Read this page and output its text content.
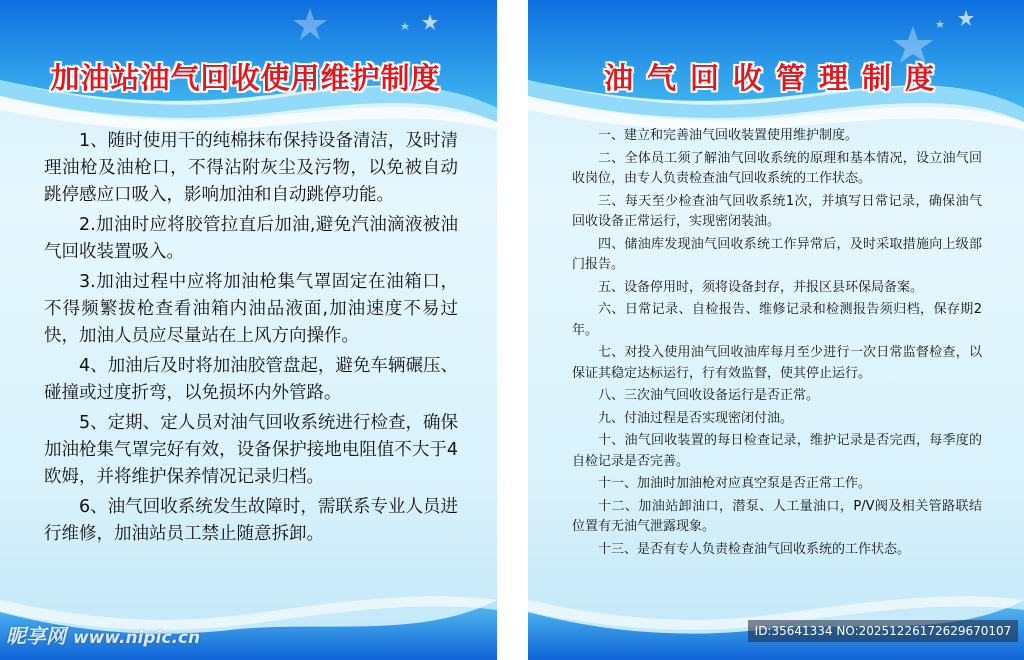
加油站油气回收使用维护制度

1、随时使用干的纯棉抹布保持设备清洁，及时清理油枪及油枪口，不得沾附灰尘及污物，以免被自动跳停感应口吸入，影响加油和自动跳停功能。

2.加油时应将胶管拉直后加油,避免汽油滴液被油气回收装置吸入。

3.加油过程中应将加油枪集气罩固定在油箱口，不得频繁拔枪查看油箱内油品液面,加油速度不易过快，加油人员应尽量站在上风方向操作。

4、加油后及时将加油胶管盘起，避免车辆碾压、碰撞或过度折弯，以免损坏内外管路。

5、定期、定人员对油气回收系统进行检查，确保加油枪集气罩完好有效，设备保护接地电阻值不大于4欧姆，并将维护保养情况记录归档。

6、油气回收系统发生故障时，需联系专业人员进行维修，加油站员工禁止随意拆卸。

油气回收管理制度

一、建立和完善油气回收装置使用维护制度。

二、全体员工须了解油气回收系统的原理和基本情况，设立油气回收岗位，由专人负责检查油气回收系统的工作状态。

三、每天至少检查油气回收系统1次，并填写日常记录，确保油气回收设备正常运行，实现密闭装油。

四、储油库发现油气回收系统工作异常后，及时采取措施向上级部门报告。

五、设备停用时，须将设备封存，并报区县环保局备案。

六、日常记录、自检报告、维修记录和检测报告须归档，保存期2年。

七、对投入使用油气回收油库每月至少进行一次日常监督检查，以保证其稳定达标运行，行有效监督，使其停止运行。

八、三次油气回收设备运行是否正常。

九、付油过程是否实现密闭付油。

十、油气回收装置的每日检查记录，维护记录是否完西，每季度的自检记录是否完善。

十一、加油时加油枪对应真空泵是否正常工作。

十二、加油站卸油口，潜泵、人工量油口，P/V阀及相关管路联结位置有无油气泄露现象。

十三、是否有专人负责检查油气回收系统的工作状态。

昵享网 www.nipic.cn	ID:35641334 NO:20251226172629670107
